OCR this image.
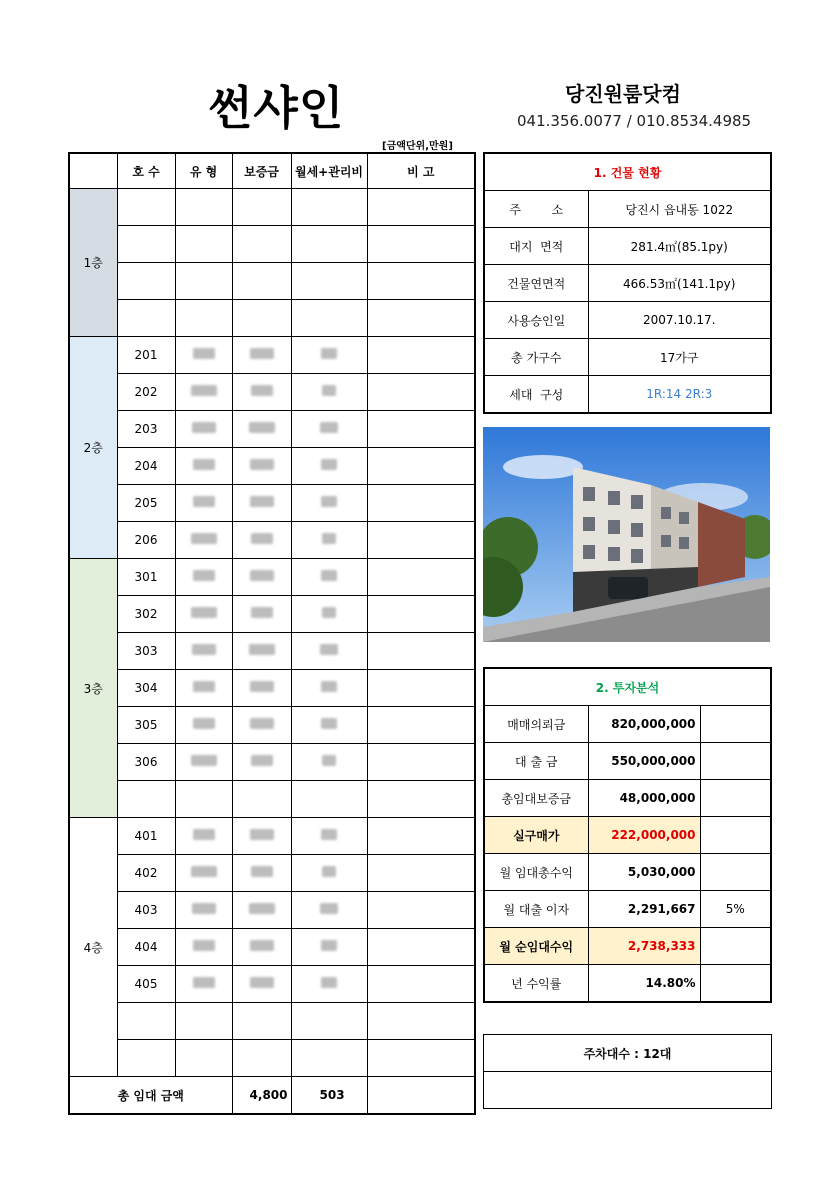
썬샤인	당진원룸닷컴
041.356.0077 / 010.8534.4985
[금액단위,만원]
	호 수	유 형	보증금	월세+관리비	비 고
1층					

2층	201				
	202				
	203				
	204				
	205				
	206				
3층	301				
	302				
	303				
	304				
	305				
	306				

4층	401				
	402				
	403				
	404				
	405				

총 임대 금액			4,800	503	
1. 건물 현황	
주        소	당진시 읍내동 1022
대지  면적	281.4㎡(85.1py)
건물연면적	466.53㎡(141.1py)
사용승인일	2007.10.17.
총 가구수	17가구
세대  구성	1R:14 2R:3
2. 투자분석		
매매의뢰금	820,000,000	
대 출 금	550,000,000	
총임대보증금	48,000,000	
실구매가	222,000,000	
월 임대총수익	5,030,000	
월 대출 이자	2,291,667	5%
월 순임대수익	2,738,333	
년 수익률	14.80%	
주차대수 : 12대
